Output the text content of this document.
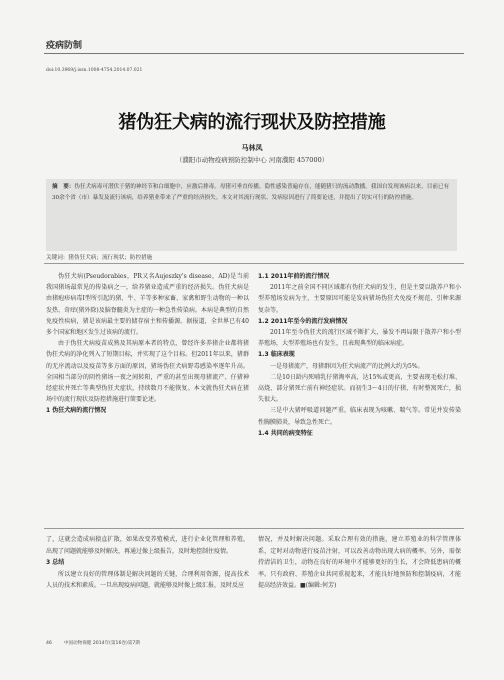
疫病防制
doi:10.3969/j.issn.1008-4754.2014.07.021
猪伪狂犬病的流行现状及防控措施
马林凤
（濮阳市动物疫病预防控制中心 河南濮阳 457000）
摘　要：伪狂犬病毒可潜伏于猪的神经节和白细胞中，应激后排毒。母猪可垂直传播，隐性感染普遍存在，能随猪只的流动散播。我国自发现该病以来，目前已有30余个省（市）暴发及流行该病，给养猪业带来了严重的经济损失。本文对其流行现状、发病原因进行了简要论述，并提出了切实可行的防控措施。
关键词：猪伪狂犬病；流行现状；防控措施

伪狂犬病(Pseudorabies，PR又名Aujeszky's disease，AD)是当前我国猪场最常见的传染病之一，给养猪业造成严重的经济损失。伪狂犬病是由猪疱疹病毒Ⅰ型所引起的猪、牛、羊等多种家畜、家禽和野生动物的一种以发热、奇痒(猪外除)及脑脊髓炎为主症的一种急性传染病。本病是典型的自然免疫性疾病，猪是该病最主要的储存宿主和传播源。据报道，全世界已有40多个国家和地区发生过该病的流行。

由于伪狂犬病疫苗成熟及其病原本者的特点，曾经许多养猪企业都将猪伪狂犬病的净化列入了短期目标，并实现了这个目标。但2011年以来，猪群的无序流动以及疫苗等多方面的原因，猪场伪狂犬病野毒感染率逐年升高。全国相当部分的阴性猪场一夜之间转阳，严重的甚至出现母猪流产、仔猪神经症状并死亡等典型伪狂犬症状，持续数月不能恢复。本文就伪狂犬病在猪场中的流行现状及防控措施进行简要论述。

1 伪狂犬病的流行情况

1.1 2011年前的流行情况

2011年之前全国不同区域都有伪狂犬病的发生，但是主要以散养户和小型养殖场发病为主，主要原因可能是发病猪场伪狂犬免疫不规范、引种来源复杂等。

1.2 2011年至今的流行发病情况

2011年至今伪狂犬的流行区域不断扩大，暴发不再局限于散养户和小型养殖场，大型养殖场也有发生，且表现典型的临床病症。

1.3 临床表现

一是母猪流产，母猪群因为狂犬病流产的比例大约为5%。

二是10日龄内死哺乳仔猪淘率高，达15%或更高，主要表现毛松打堆、高烧、部分猪死亡前有神经症状。而初生3～4日的仔猪，有时整窝死亡，损失很大。

三是中大猪呼吸道问题严重，临床表现为咳嗽、喘气等。常见并发传染性胸膜肺炎，导致急性死亡。

1.4 共同的病变特征

了，这就会造成病猿直扩散，如果改变养殖模式，进行企业化管理和养殖，出现了问题就能够及时解决，再通过像上级报告，及时地控制住疫情。

3 总结

所以建立良好的管理体制是解决问题的关键，合理利用资源，提高技术人员的技术和素质。一旦出现疫病问题，就能够及时像上级汇报，及时反应

情况，并及时解决问题。采取合理有效的措施，建立养殖业的科学管理体系，定时对动物进行疫苗注射，可以改善动物出现大病的概率。另外，需保持清洁的卫生，动物在良好的环境中才能够更好的生长，才会降低患病的概率。只有政府、养殖企业共同重视起来，才能良好地预防和控制疫病，才能提高经济效益。■(编辑:何芳)

46	中国动物保健 2014年(第16卷)第7期
